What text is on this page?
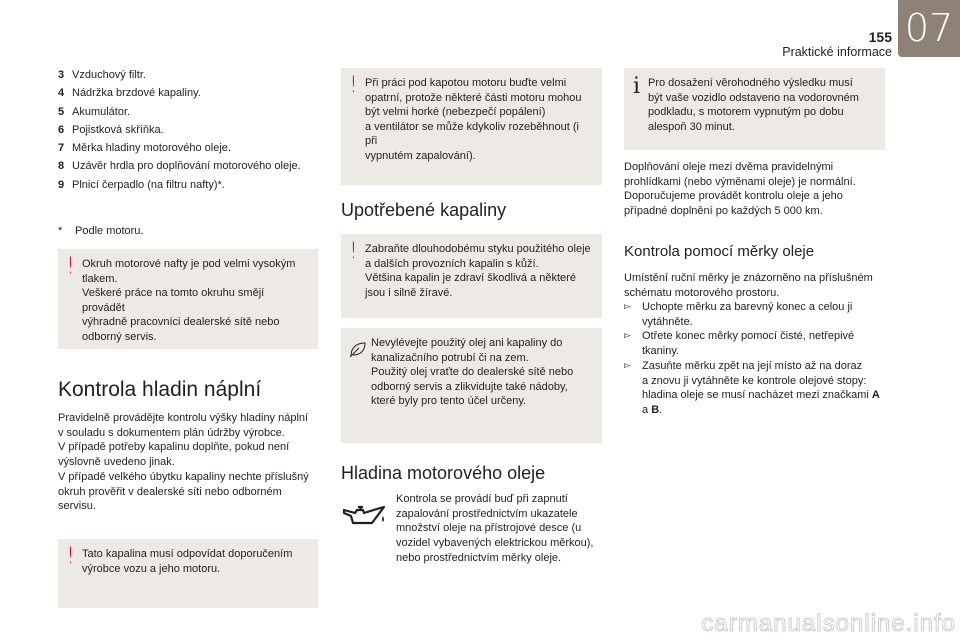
155
Praktické informace
07
3 Vzduchový filtr.
4 Nádržka brzdové kapaliny.
5 Akumulátor.
6 Pojistková skříňka.
7 Měrka hladiny motorového oleje.
8 Uzávěr hrdla pro doplňování motorového oleje.
9 Plnicí čerpadlo (na filtru nafty)*.
* Podle motoru.
! Okruh motorové nafty je pod velmi vysokým
tlakem.
Veškeré práce na tomto okruhu smějí provádět
výhradně pracovníci dealerské sítě nebo
odborný servis.
Kontrola hladin náplní
Pravidelně provádějte kontrolu výšky hladiny náplní
v souladu s dokumentem plán údržby výrobce.
V případě potřeby kapalinu doplňte, pokud není
výslovně uvedeno jinak.
V případě velkého úbytku kapaliny nechte příslušný
okruh prověřit v dealerské síti nebo odborném
servisu.
! Tato kapalina musí odpovídat doporučením
výrobce vozu a jeho motoru.
! Při práci pod kapotou motoru buďte velmi
opatrní, protože některé části motoru mohou
být velmi horké (nebezpečí popálení)
a ventilátor se může kdykoliv rozeběhnout (i při
vypnutém zapalování).
Upotřebené kapaliny
! Zabraňte dlouhodobému styku použitého oleje
a dalších provozních kapalin s kůží.
Většina kapalin je zdraví škodlivá a některé
jsou i silně žíravé.
Nevylévejte použitý olej ani kapaliny do
kanalizačního potrubí či na zem.
Použitý olej vraťte do dealerské sítě nebo
odborný servis a zlikvidujte také nádoby,
které byly pro tento účel určeny.
Hladina motorového oleje
Kontrola se provádí buď při zapnutí
zapalování prostřednictvím ukazatele
množství oleje na přístrojové desce (u
vozidel vybavených elektrickou měrkou),
nebo prostřednictvím měrky oleje.
i Pro dosažení věrohodného výsledku musí
být vaše vozidlo odstaveno na vodorovném
podkladu, s motorem vypnutým po dobu
alespoň 30 minut.
Doplňování oleje mezi dvěma pravidelnými
prohlídkami (nebo výměnami oleje) je normální.
Doporučujeme provádět kontrolu oleje a jeho
případné doplnění po každých 5 000 km.
Kontrola pomocí měrky oleje
Umístění ruční měrky je znázorněno na příslušném
schématu motorového prostoru.
▻	Uchopte měrku za barevný konec a celou ji
vytáhněte.
▻	Otřete konec měrky pomocí čisté, netřepivé
tkaniny.
▻	Zasuňte měrku zpět na její místo až na doraz
a znovu ji vytáhněte ke kontrole olejové stopy:
hladina oleje se musí nacházet mezi značkami A
a B.
carmanualsonline.info
